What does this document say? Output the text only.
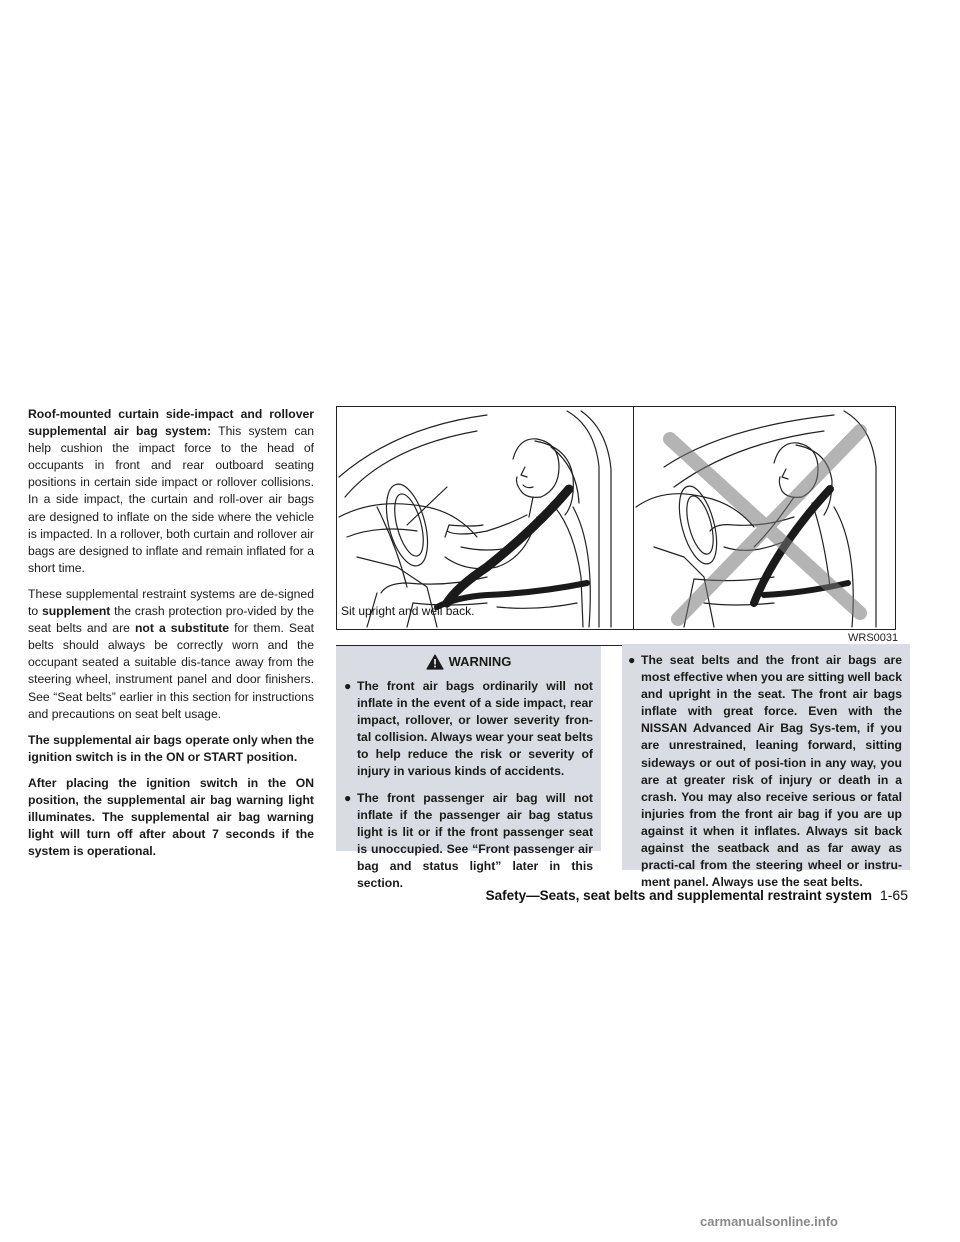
Roof-mounted curtain side-impact and rollover supplemental air bag system: This system can help cushion the impact force to the head of occupants in front and rear outboard seating positions in certain side impact or rollover collisions. In a side impact, the curtain and roll-over air bags are designed to inflate on the side where the vehicle is impacted. In a rollover, both curtain and rollover air bags are designed to inflate and remain inflated for a short time.

These supplemental restraint systems are de-signed to supplement the crash protection pro-vided by the seat belts and are not a substitute for them. Seat belts should always be correctly worn and the occupant seated a suitable dis-tance away from the steering wheel, instrument panel and door finishers. See “Seat belts” earlier in this section for instructions and precautions on seat belt usage.

The supplemental air bags operate only when the ignition switch is in the ON or START position.

After placing the ignition switch in the ON position, the supplemental air bag warning light illuminates. The supplemental air bag warning light will turn off after about 7 seconds if the system is operational.

Sit upright and well back.
WRS0031
WARNING
● The front air bags ordinarily will not inflate in the event of a side impact, rear impact, rollover, or lower severity fron-tal collision. Always wear your seat belts to help reduce the risk or severity of injury in various kinds of accidents.
● The front passenger air bag will not inflate if the passenger air bag status light is lit or if the front passenger seat is unoccupied. See “Front passenger air bag and status light” later in this section.
● The seat belts and the front air bags are most effective when you are sitting well back and upright in the seat. The front air bags inflate with great force. Even with the NISSAN Advanced Air Bag Sys-tem, if you are unrestrained, leaning forward, sitting sideways or out of posi-tion in any way, you are at greater risk of injury or death in a crash. You may also receive serious or fatal injuries from the front air bag if you are up against it when it inflates. Always sit back against the seatback and as far away as practi-cal from the steering wheel or instru-ment panel. Always use the seat belts.
Safety—Seats, seat belts and supplemental restraint system 1-65
carmanualsonline.info
